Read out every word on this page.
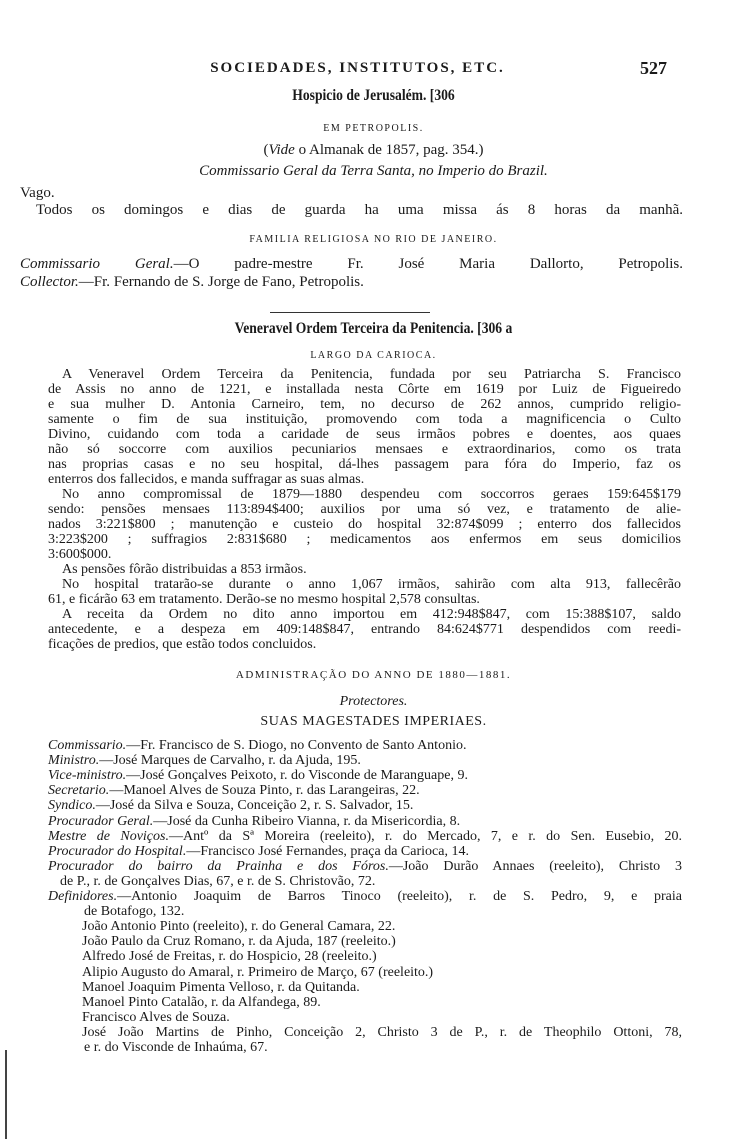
SOCIEDADES, INSTITUTOS, ETC.	527
Hospicio de Jerusalém. [306
EM PETROPOLIS.
(Vide o Almanak de 1857, pag. 354.)
Commissario Geral da Terra Santa, no Imperio do Brazil.
Vago.
Todos os domingos e dias de guarda ha uma missa ás 8 horas da manhã.
FAMILIA RELIGIOSA NO RIO DE JANEIRO.
Commissario Geral.—O padre-mestre Fr. José Maria Dallorto, Petropolis.
Collector.—Fr. Fernando de S. Jorge de Fano, Petropolis.
Veneravel Ordem Terceira da Penitencia. [306 a
LARGO DA CARIOCA.
A Veneravel Ordem Terceira da Penitencia, fundada por seu Patriarcha S. Francisco
de Assis no anno de 1221, e installada nesta Côrte em 1619 por Luiz de Figueiredo
e sua mulher D. Antonia Carneiro, tem, no decurso de 262 annos, cumprido religio-
samente o fim de sua instituição, promovendo com toda a magnificencia o Culto
Divino, cuidando com toda a caridade de seus irmãos pobres e doentes, aos quaes
não só soccorre com auxilios pecuniarios mensaes e extraordinarios, como os trata
nas proprias casas e no seu hospital, dá-lhes passagem para fóra do Imperio, faz os
enterros dos fallecidos, e manda suffragar as suas almas.
No anno compromissal de 1879—1880 despendeu com soccorros geraes 159:645$179
sendo: pensões mensaes 113:894$400; auxilios por uma só vez, e tratamento de alie-
nados 3:221$800 ; manutenção e custeio do hospital 32:874$099 ; enterro dos fallecidos
3:223$200 ; suffragios 2:831$680 ; medicamentos aos enfermos em seus domicilios
3:600$000.
As pensões fôrão distribuidas a 853 irmãos.
No hospital tratarão-se durante o anno 1,067 irmãos, sahirão com alta 913, fallecêrão
61, e ficárão 63 em tratamento. Derão-se no mesmo hospital 2,578 consultas.
A receita da Ordem no dito anno importou em 412:948$847, com 15:388$107, saldo
antecedente, e a despeza em 409:148$847, entrando 84:624$771 despendidos com reedi-
ficações de predios, que estão todos concluidos.
ADMINISTRAÇÃO DO ANNO DE 1880—1881.
Protectores.
SUAS MAGESTADES IMPERIAES.
Commissario.—Fr. Francisco de S. Diogo, no Convento de Santo Antonio.
Ministro.—José Marques de Carvalho, r. da Ajuda, 195.
Vice-ministro.—José Gonçalves Peixoto, r. do Visconde de Maranguape, 9.
Secretario.—Manoel Alves de Souza Pinto, r. das Larangeiras, 22.
Syndico.—José da Silva e Souza, Conceição 2, r. S. Salvador, 15.
Procurador Geral.—José da Cunha Ribeiro Vianna, r. da Misericordia, 8.
Mestre de Noviços.—Antº da Sª Moreira (reeleito), r. do Mercado, 7, e r. do Sen. Eusebio, 20.
Procurador do Hospital.—Francisco José Fernandes, praça da Carioca, 14.
Procurador do bairro da Prainha e dos Fóros.—João Durão Annaes (reeleito), Christo 3
de P., r. de Gonçalves Dias, 67, e r. de S. Christovão, 72.
Definidores.—Antonio Joaquim de Barros Tinoco (reeleito), r. de S. Pedro, 9, e praia
de Botafogo, 132.
João Antonio Pinto (reeleito), r. do General Camara, 22.
João Paulo da Cruz Romano, r. da Ajuda, 187 (reeleito.)
Alfredo José de Freitas, r. do Hospicio, 28 (reeleito.)
Alipio Augusto do Amaral, r. Primeiro de Março, 67 (reeleito.)
Manoel Joaquim Pimenta Velloso, r. da Quitanda.
Manoel Pinto Catalão, r. da Alfandega, 89.
Francisco Alves de Souza.
José João Martins de Pinho, Conceição 2, Christo 3 de P., r. de Theophilo Ottoni, 78,
e r. do Visconde de Inhaúma, 67.
